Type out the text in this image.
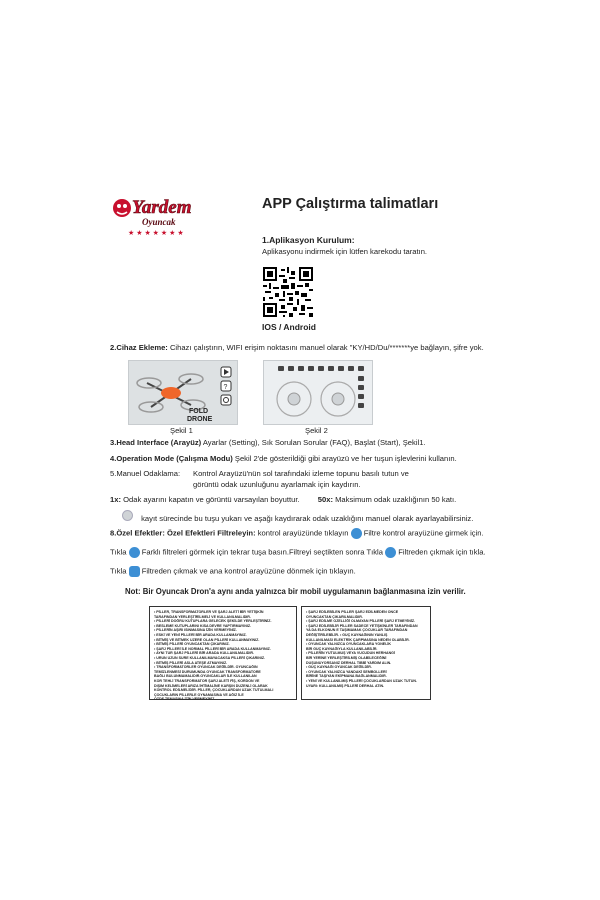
Yardem
Oyuncak
★ ★ ★ ★ ★ ★ ★
APP Çalıştırma talimatları
1.Aplikasyon Kurulum:
Aplikasyonu indirmek için lütfen karekodu taratın.
IOS / Android
2.Cihaz Ekleme: Cihazı çalıştırın, WIFI erişim noktasını manuel olarak "KY/HD/Du/*******ye bağlayın, şifre yok.
FOLD
DRONE
?
Şekil 1	Şekil 2
3.Head Interface (Arayüz) Ayarlar (Setting), Sık Sorulan Sorular (FAQ), Başlat (Start), Şekil1.
4.Operation Mode (Çalışma Modu) Şekil 2'de gösterildiği gibi arayüzü ve her tuşun işlevlerini kullanın.
5.Manuel Odaklama: Kontrol Arayüzü'nün sol tarafındaki izleme topunu basılı tutun ve
görüntü odak uzunluğunu ayarlamak için kaydırın.
1x: Odak ayarını kapatın ve görüntü varsayılan boyuttur. 50x: Maksimum odak uzaklığının 50 katı.
kayıt sürecinde bu tuşu yukarı ve aşağı kaydırarak odak uzaklığını manuel olarak ayarlayabilirsiniz.
8.Özel Efektler: Özel Efektleri Filtreleyin: kontrol arayüzünde tıklayın  Filtre kontrol arayüzüne girmek için.
Tıkla  Farklı filtreleri görmek için tekrar tuşa basın.Filtreyi seçtikten sonra Tıkla  Filtreden çıkmak için tıkla.
Tıkla  Filtreden çıkmak ve ana kontrol arayüzüne dönmek için tıklayın.
Not: Bir Oyuncak Dron'a aynı anda yalnızca bir mobil uygulamanın bağlanmasına izin verilir.
• PİLLER, TRANSFORMATÖRLER VE ŞARJ ALETİ BİR YETİŞKİN
TARAFINDAN YERLEŞTİRİLMELİ VE KULLANILMALIDIR.
• PİLLERİ DOĞRU KUTUPLARA GELECEK ŞEKİLDE YERLEŞTİRİNİZ.
• BESLEME KUTUPLARINI KISA DEVRE YAPTIRMAYINIZ.
• PİLLERİN AŞIRI ISINMASINA İZİN VERMEYİNİZ.
• ESKİ VE YENİ PİLLERİ BİR ARADA KULLANMAYINIZ.
• BİTMİŞ VE BİTMEK ÜZERE OLAN PİLLERİ KULLANMAYINIZ.
• BİTMİŞ PİLLERİ OYUNCAKTAN ÇIKARINIZ.
• ŞARJ PİLLERİ İLE NORMAL PİLLERİ BİR ARADA KULLANMAYINIZ.
• AYNI TÜR ŞARJ PİLLERİ BİR ARADA KULLANILMALIDIR.
• ÜRÜN UZUN SÜRE KULLANILMAYACAKSA PİLLERİ ÇIKARINIZ.
• BİTMİŞ PİLLERİ ASLA ATEŞE ATMAYINIZ.
• TRANSFORMATÖRLER OYUNCAK DEĞİLDİR. OYUNCAĞIN
TEMİZLENMESİ DURUMUNDA OYUNCAK TRANSFORMATÖRE
BAĞLI BULUNMAMALIDIR.OYUNCAKLAR İLE KULLANILAN
KOR TEHLİ TRANSFORMATÖR ŞARJ ALETİ FİŞ, KORDON VE
DIŞIM KELİMELERİ ARIZA İHTİMALİNE KARŞIN DÜZENLİ OLARAK
KONTROL EDİLMELİDİR. PİLLER, ÇOCUKLARDAN UZAK TUTULMALI
ÇOCUKLARIN PİLLERLE OYNAMASINA VE AĞIZ İLE
ÖZDE TEMASINA İZİN VERMEYİNİZ.
• ŞARJ EDİLEBİLEN PİLLER ŞARJ EDİLMEDEN ÖNCE
OYUNCAKTAN ÇIKARILMALIDIR.
• ŞARJ EDİLME ÖZELLİĞİ OLMAYAN PİLLERİ ŞARJ ETMEYİNİZ.
• ŞARJ EDİLEBİLİR PİLLER SADECE YETİŞKİNLER TARAFINDAN
YA DA ELKONUN E TAŞIMAMAK ÇOCUKLAR TARAFINDAN
DEĞİŞTİRİLEBİLİR. • GÜÇ KAYNAĞININ YANLIŞ
KULLANILMASI ELEKTRİK ÇARPMASINA NEDEN OLABİLİR.
• OYUNCAK YALNIZCA OYUNCAKLARA YÖNELİK
BİR GÜÇ KAYNAĞIYLA KULLANILABİLİR.
• PİLLERİN YUTULMUŞ VEYA VÜCUDUN HERHANGİ
BİR YERİNE YERLEŞTİRİLMİŞ OLABİLECEĞİNİ
DÜŞÜNÜYORSANIZ DERHAL TIBBİ YARDIM ALIN.
• GÜÇ KAYNAĞI OYUNCAK DEĞİLDİR.
• OYUNCAK YALNIZCA YANDAKİ SEMBOLLERİ
BİRİNE TAŞIYAN EKİPMANA BAĞLANMALIDIR.
• YENİ VE KULLANILMIŞ PİLLERİ ÇOCUKLARDAN UZAK TUTUN.
UYARI: KULLANILMIŞ PİLLERİ DERHAL ATIN.
